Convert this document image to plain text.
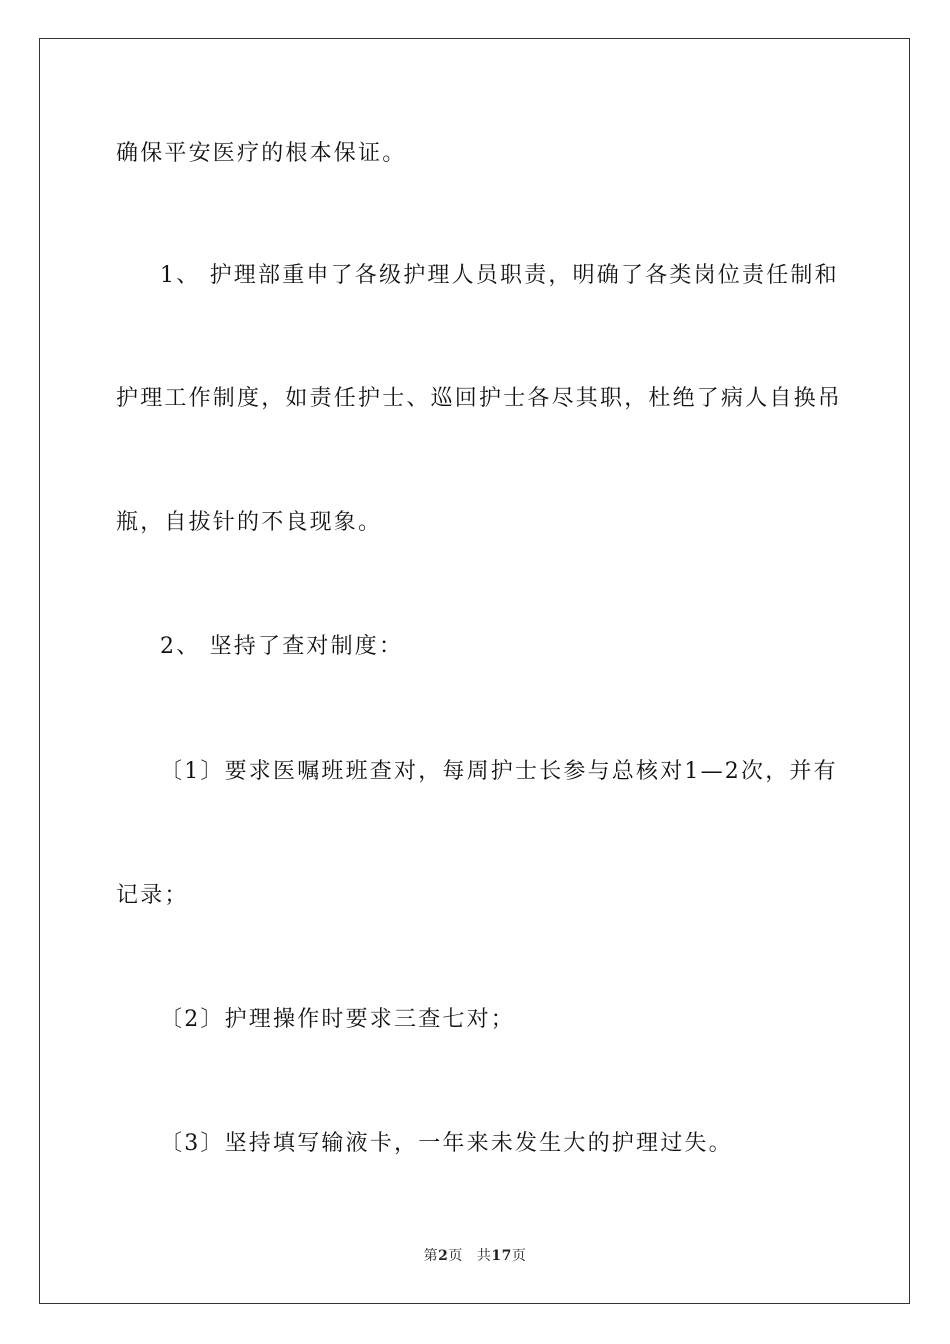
确保平安医疗的根本保证。
1、 护理部重申了各级护理人员职责，明确了各类岗位责任制和
护理工作制度，如责任护士、巡回护士各尽其职，杜绝了病人自换吊
瓶，自拔针的不良现象。
2、 坚持了查对制度：
〔1〕要求医嘱班班查对，每周护士长参与总核对1—2次，并有
记录；
〔2〕护理操作时要求三查七对；
〔3〕坚持填写输液卡，一年来未发生大的护理过失。
第2页 共17页
